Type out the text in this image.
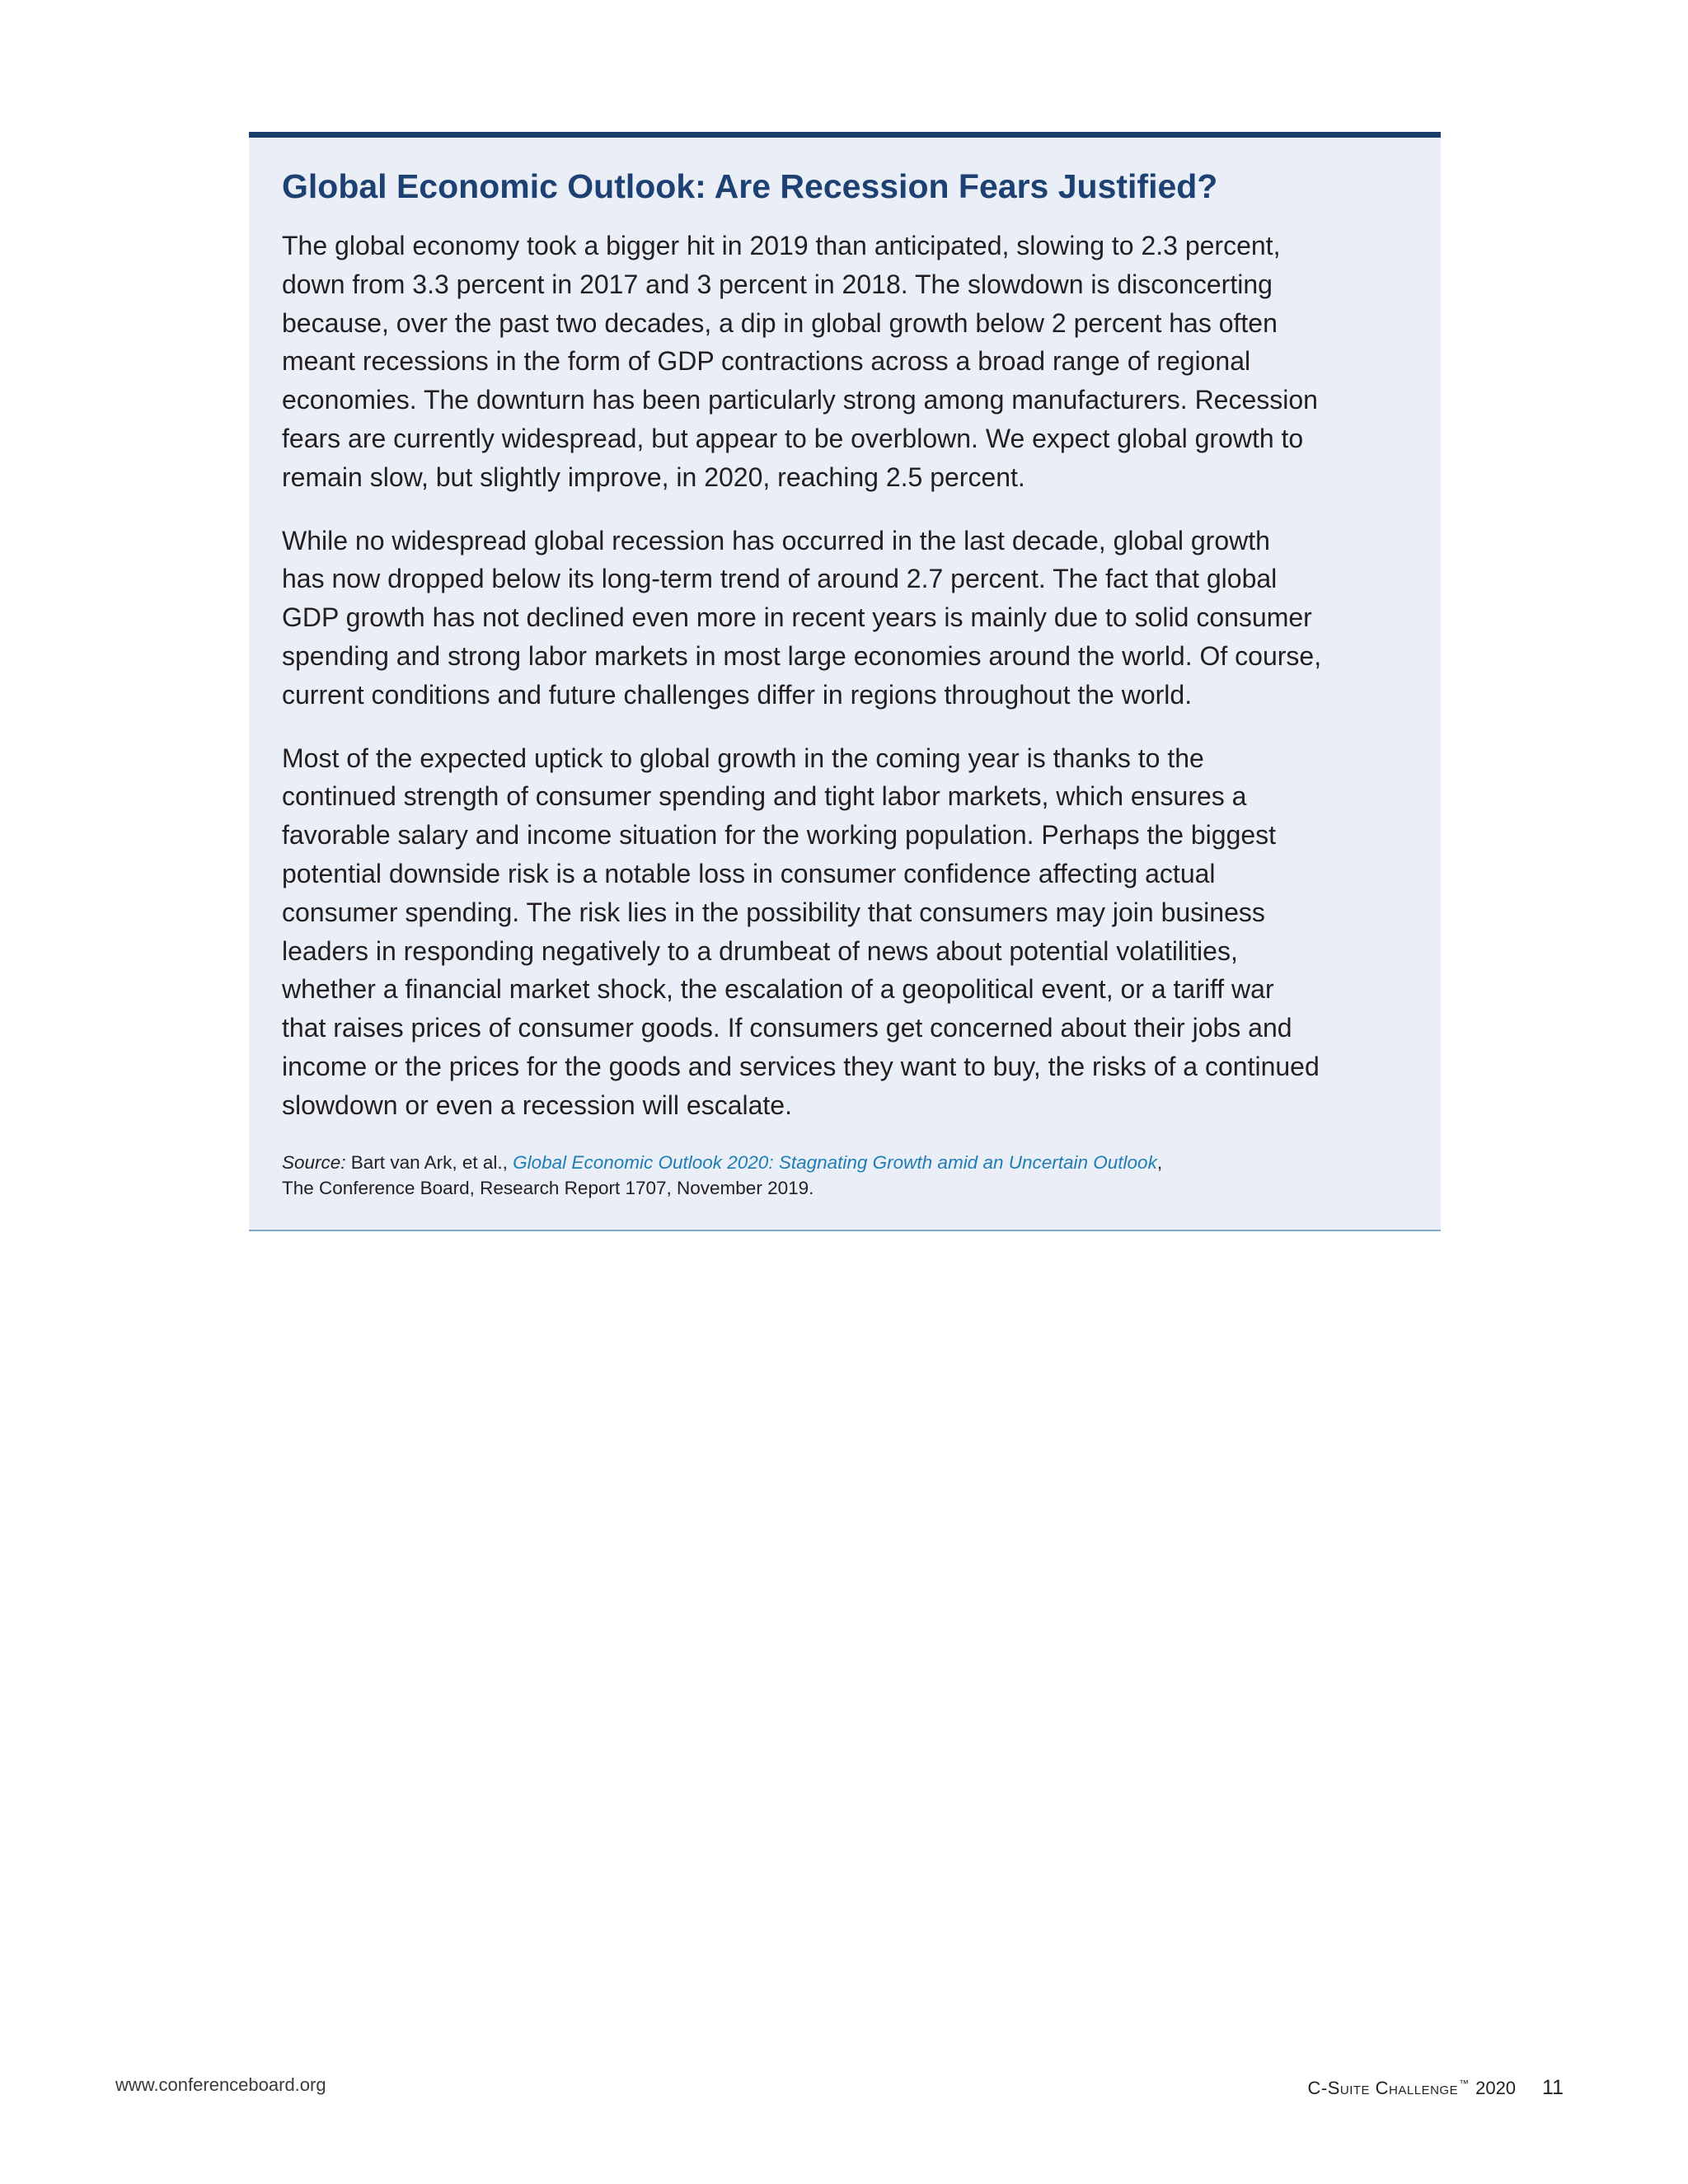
Global Economic Outlook: Are Recession Fears Justified?

The global economy took a bigger hit in 2019 than anticipated, slowing to 2.3 percent,
down from 3.3 percent in 2017 and 3 percent in 2018. The slowdown is disconcerting
because, over the past two decades, a dip in global growth below 2 percent has often
meant recessions in the form of GDP contractions across a broad range of regional
economies. The downturn has been particularly strong among manufacturers. Recession
fears are currently widespread, but appear to be overblown. We expect global growth to
remain slow, but slightly improve, in 2020, reaching 2.5 percent.

While no widespread global recession has occurred in the last decade, global growth
has now dropped below its long-term trend of around 2.7 percent. The fact that global
GDP growth has not declined even more in recent years is mainly due to solid consumer
spending and strong labor markets in most large economies around the world. Of course,
current conditions and future challenges differ in regions throughout the world.

Most of the expected uptick to global growth in the coming year is thanks to the
continued strength of consumer spending and tight labor markets, which ensures a
favorable salary and income situation for the working population. Perhaps the biggest
potential downside risk is a notable loss in consumer confidence affecting actual
consumer spending. The risk lies in the possibility that consumers may join business
leaders in responding negatively to a drumbeat of news about potential volatilities,
whether a financial market shock, the escalation of a geopolitical event, or a tariff war
that raises prices of consumer goods. If consumers get concerned about their jobs and
income or the prices for the goods and services they want to buy, the risks of a continued
slowdown or even a recession will escalate.

Source: Bart van Ark, et al., Global Economic Outlook 2020: Stagnating Growth amid an Uncertain Outlook,
The Conference Board, Research Report 1707, November 2019.

www.conferenceboard.org	C-Suite Challenge™ 2020 11
